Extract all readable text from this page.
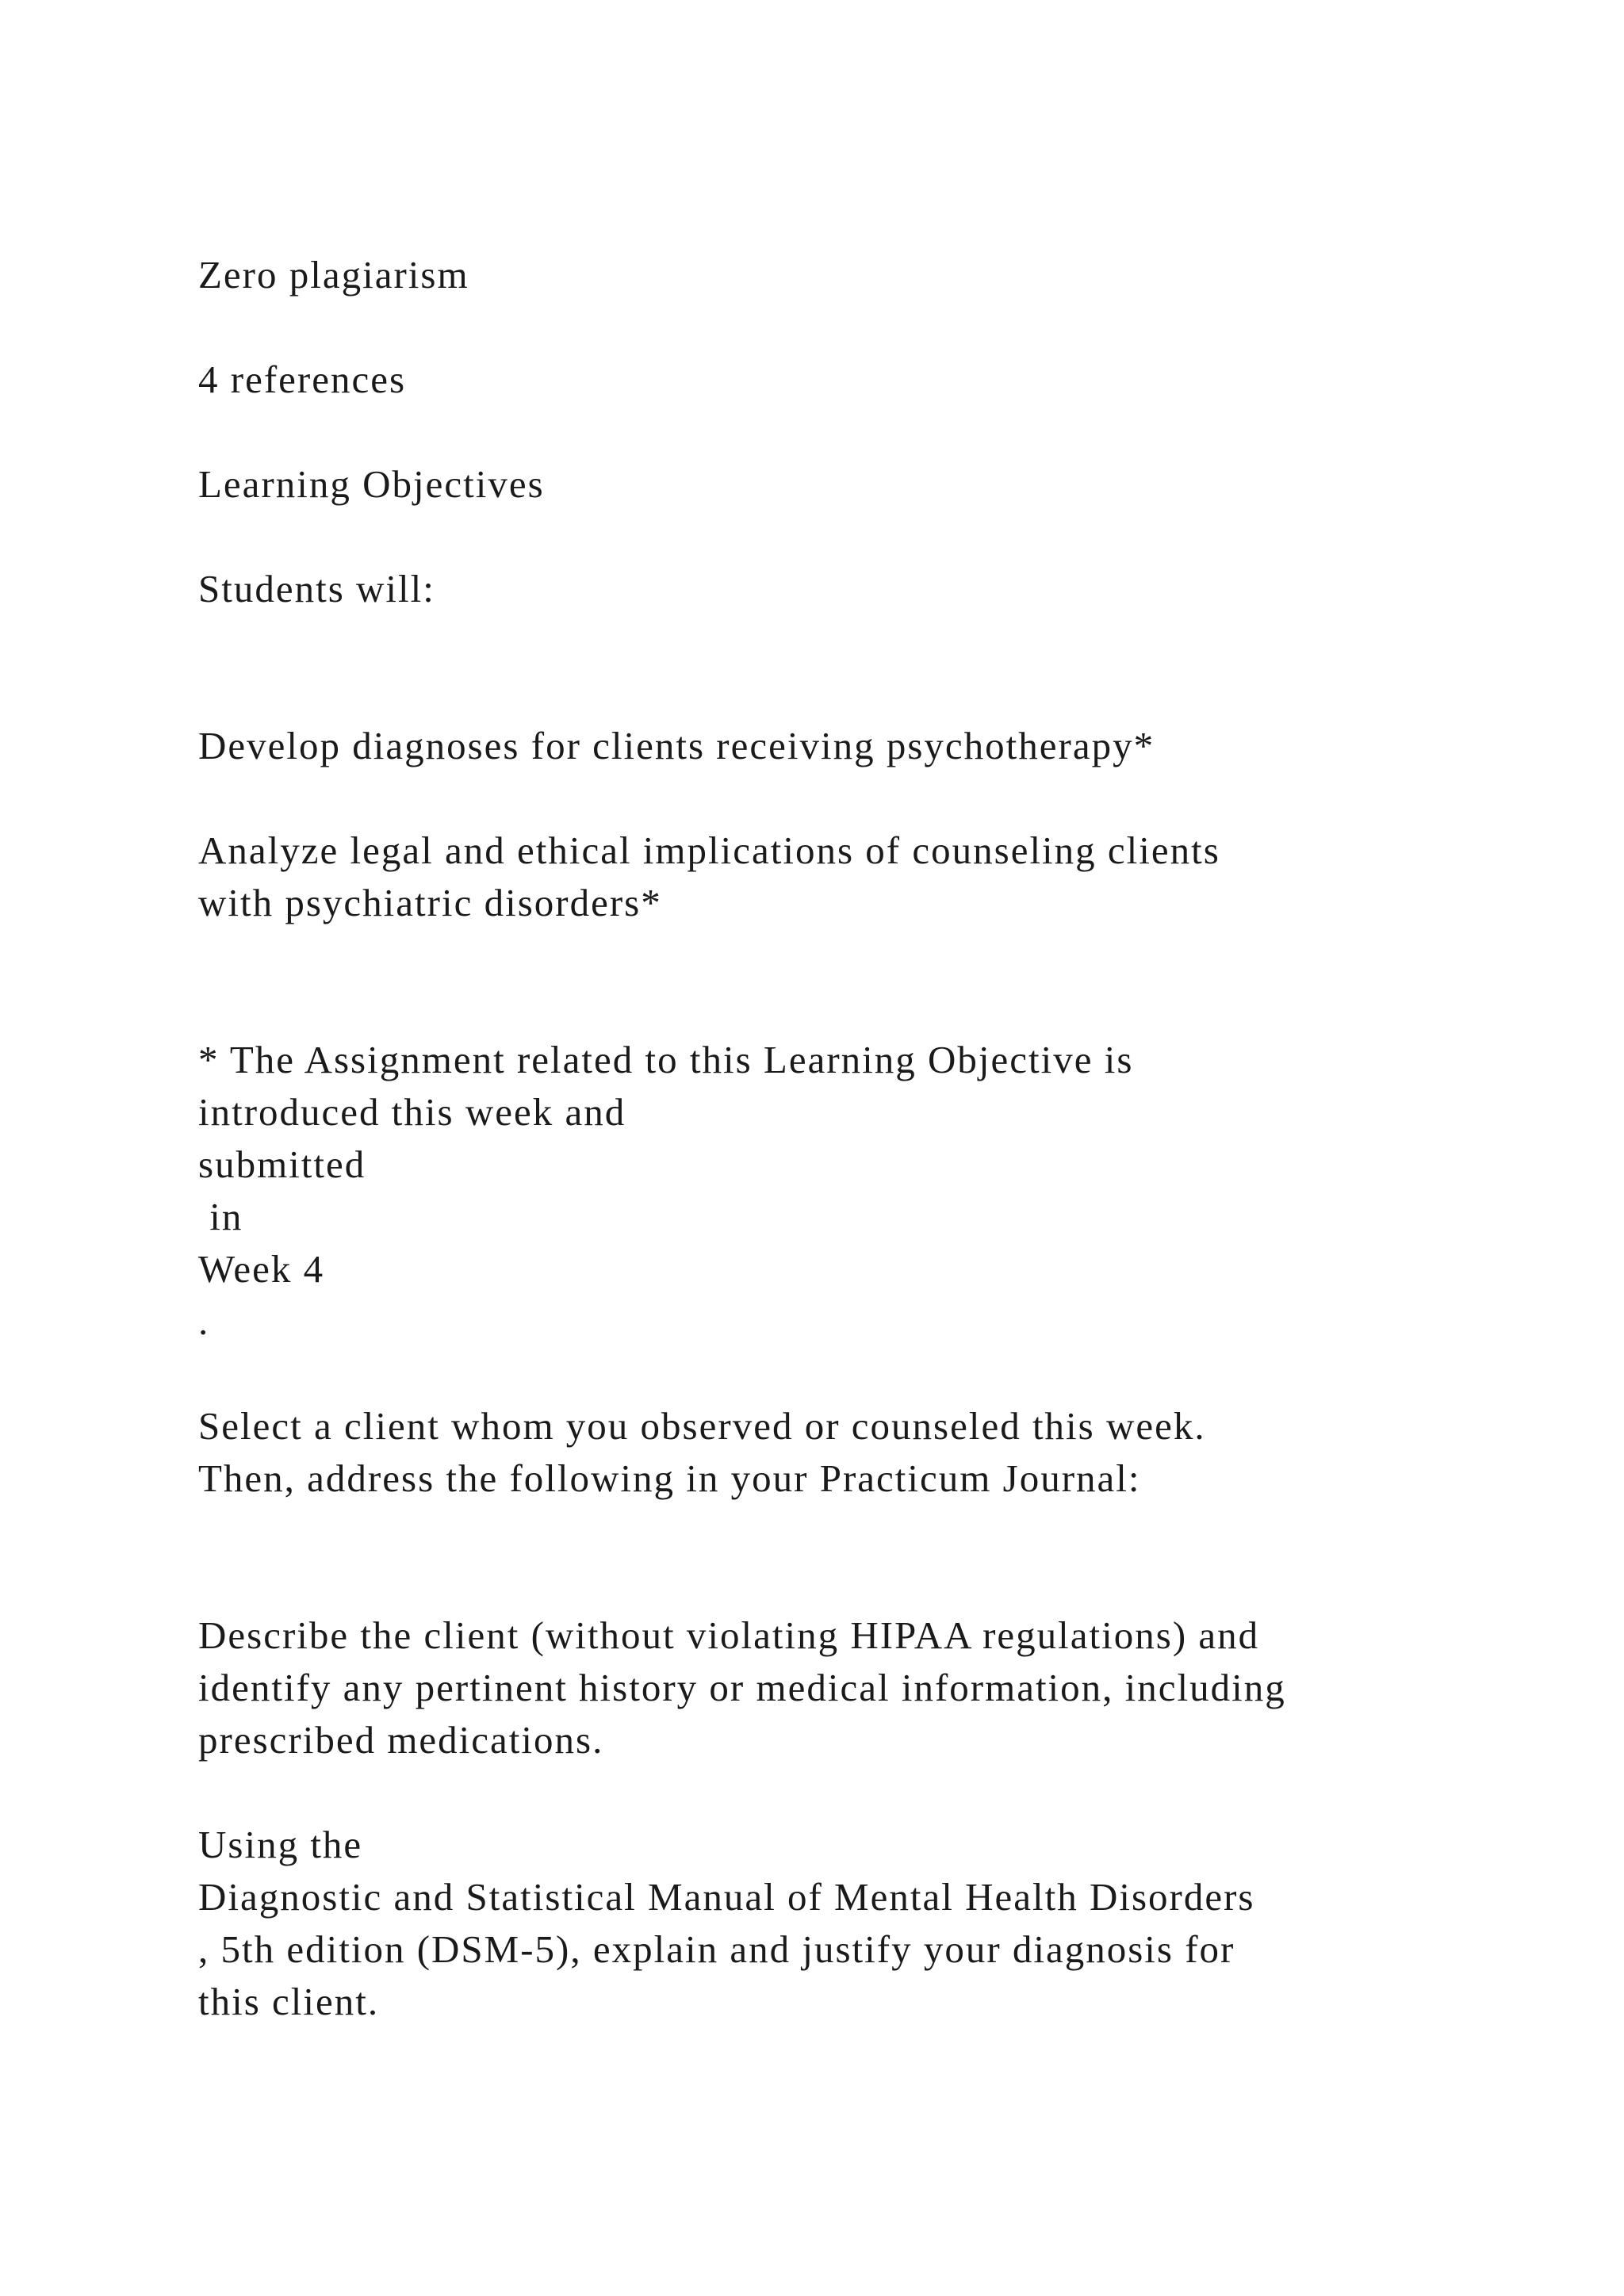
Zero plagiarism

4 references

Learning Objectives

Students will:

Develop diagnoses for clients receiving psychotherapy*

Analyze legal and ethical implications of counseling clients

with psychiatric disorders*

* The Assignment related to this Learning Objective is

introduced this week and

submitted

in

Week 4

.

Select a client whom you observed or counseled this week.

Then, address the following in your Practicum Journal:

Describe the client (without violating HIPAA regulations) and

identify any pertinent history or medical information, including

prescribed medications.

Using the

Diagnostic and Statistical Manual of Mental Health Disorders

, 5th edition (DSM-5), explain and justify your diagnosis for

this client.
